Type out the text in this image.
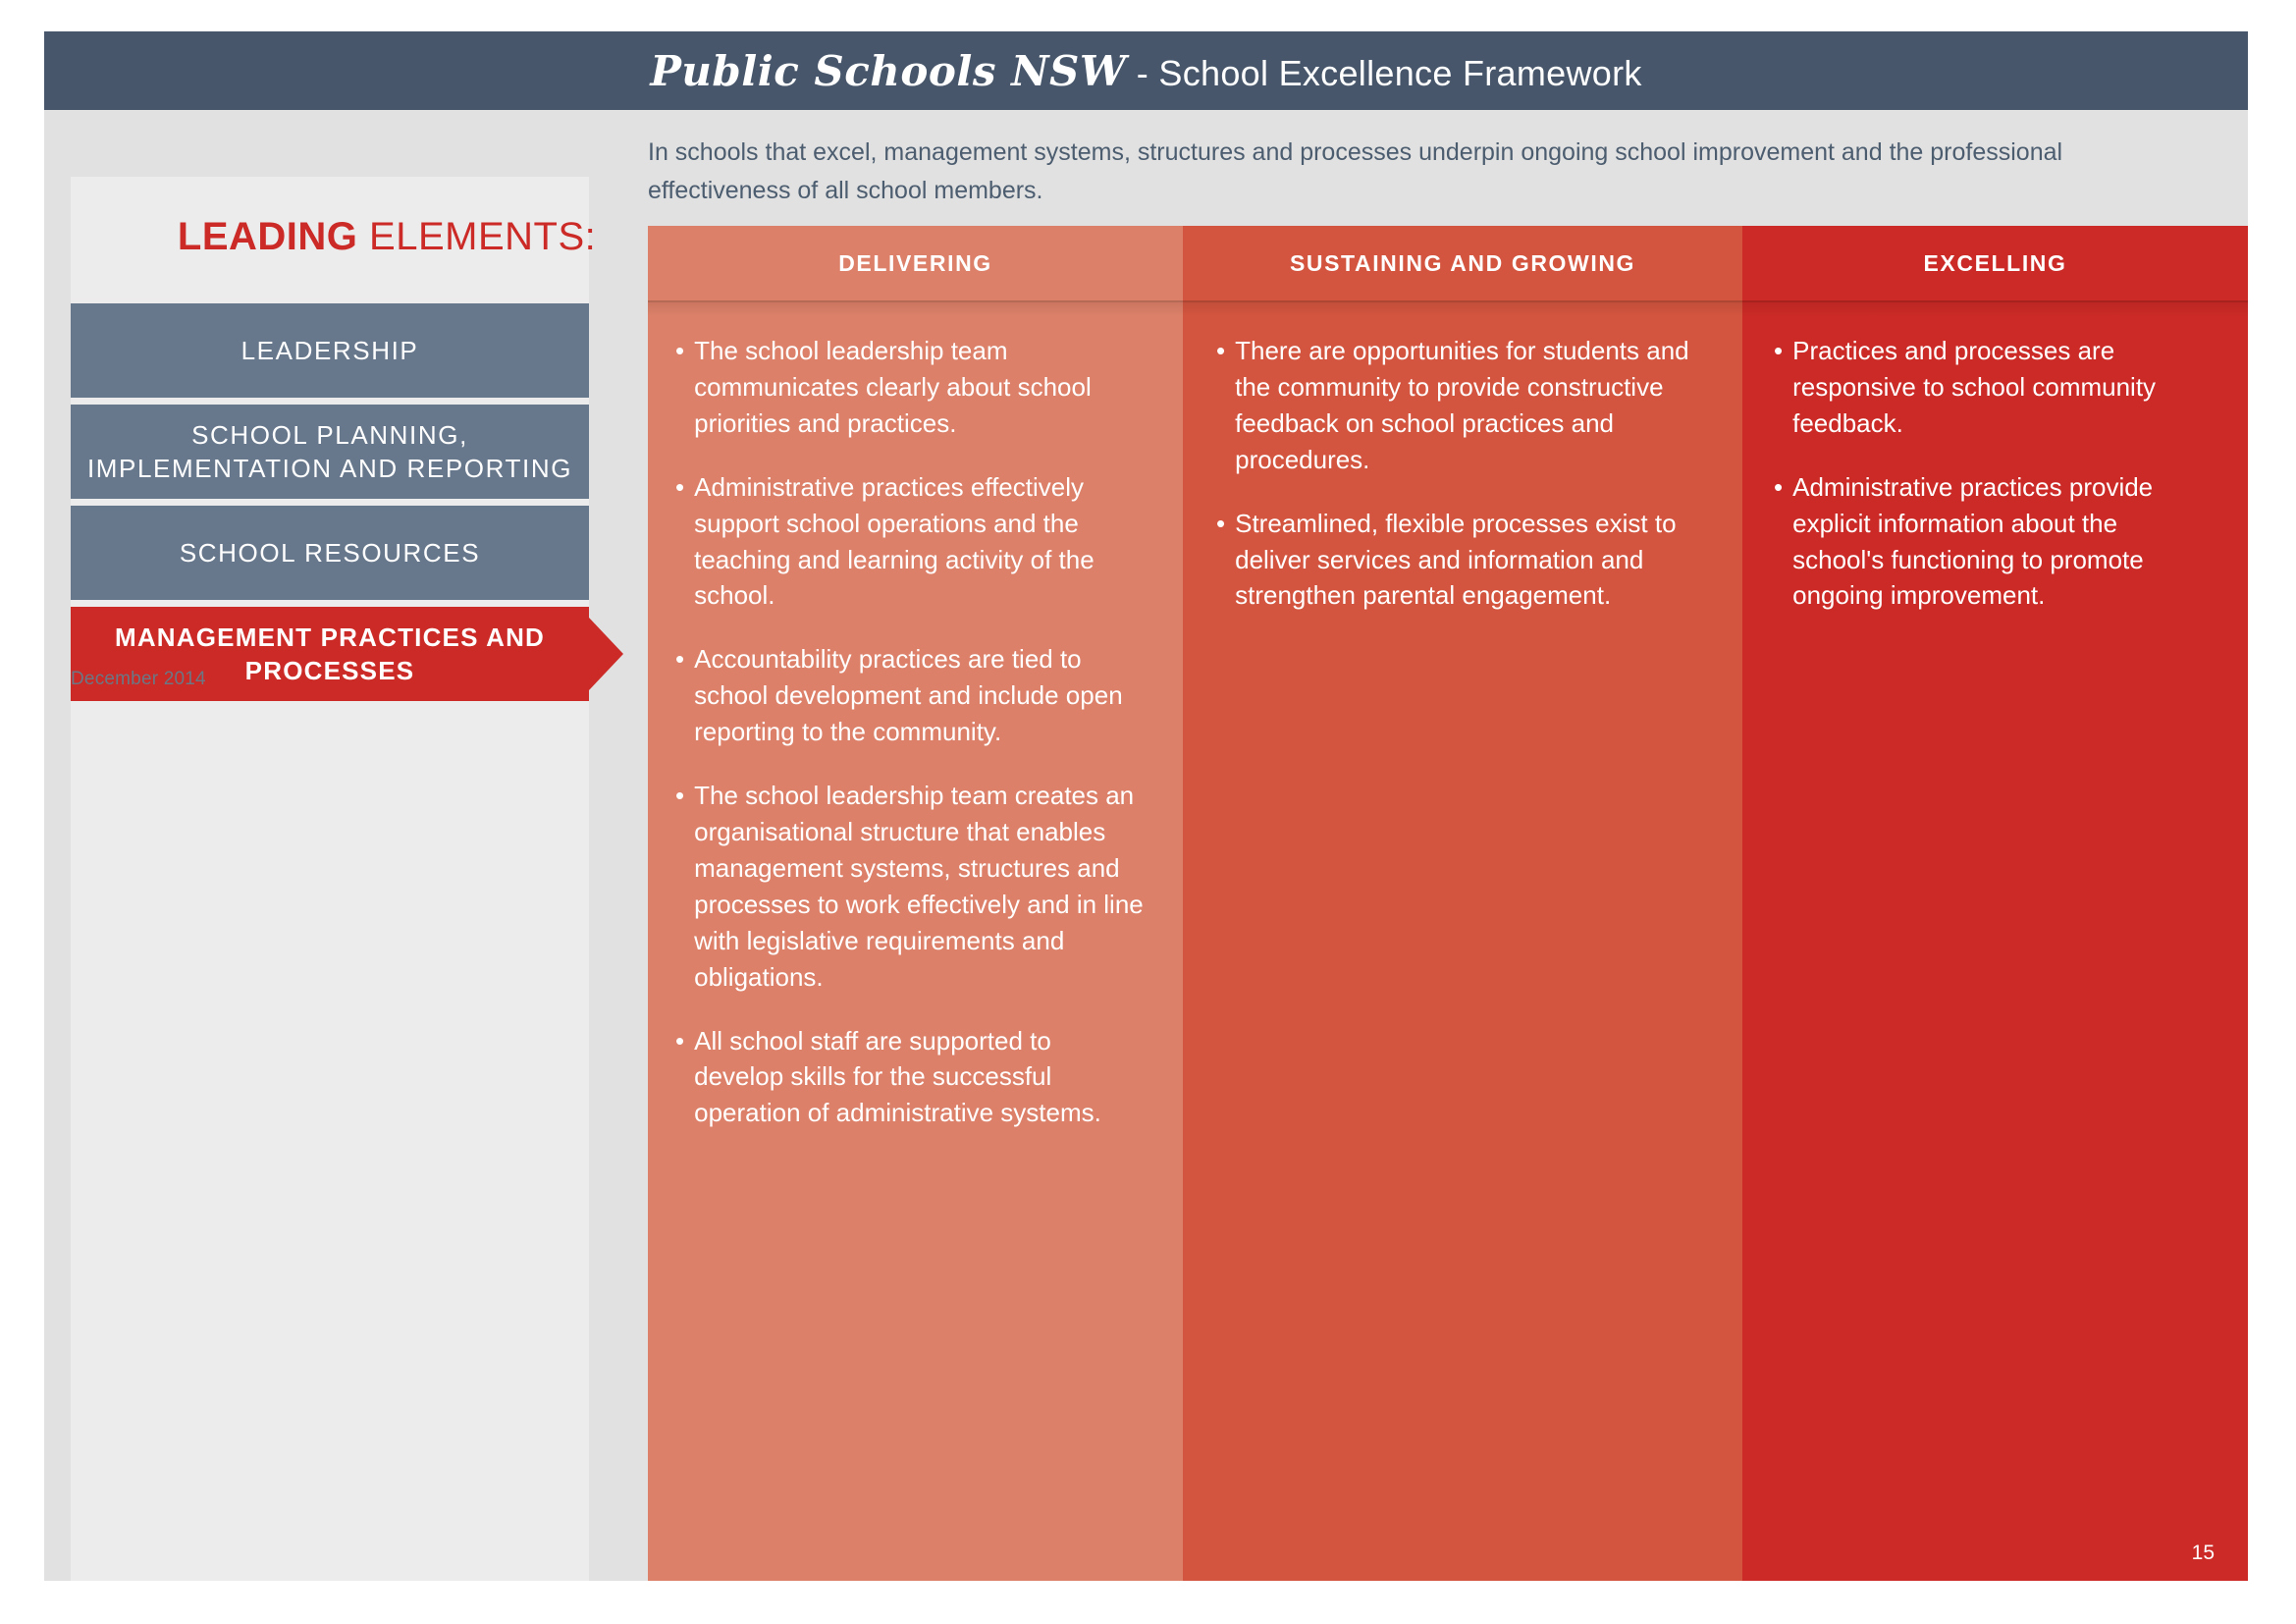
Public Schools NSW - School Excellence Framework

LEADING ELEMENTS:

LEADERSHIP
SCHOOL PLANNING, IMPLEMENTATION AND REPORTING
SCHOOL RESOURCES
MANAGEMENT PRACTICES AND PROCESSES
December 2014
In schools that excel, management systems, structures and processes underpin ongoing school improvement and the professional effectiveness of all school members.
DELIVERING
• The school leadership team communicates clearly about school priorities and practices.
• Administrative practices effectively support school operations and the teaching and learning activity of the school.
• Accountability practices are tied to school development and include open reporting to the community.
• The school leadership team creates an organisational structure that enables management systems, structures and processes to work effectively and in line with legislative requirements and obligations.
• All school staff are supported to develop skills for the successful operation of administrative systems.
SUSTAINING AND GROWING
• There are opportunities for students and the community to provide constructive feedback on school practices and procedures.
• Streamlined, flexible processes exist to deliver services and information and strengthen parental engagement.
EXCELLING
• Practices and processes are responsive to school community feedback.
• Administrative practices provide explicit information about the school's functioning to promote ongoing improvement.
15
